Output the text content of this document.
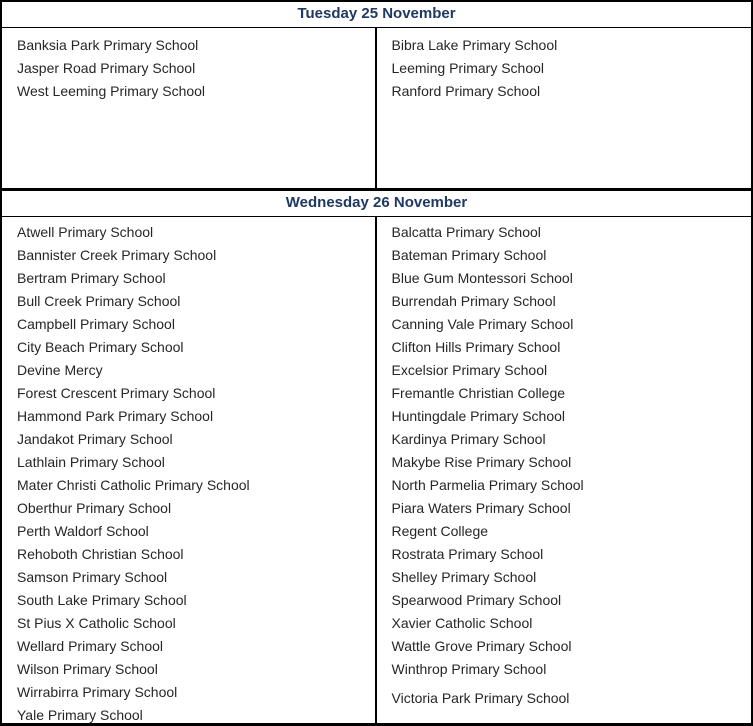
Tuesday 25 November
Banksia Park Primary School
Jasper Road Primary School
West Leeming Primary School
Bibra Lake Primary School
Leeming Primary School
Ranford Primary School
Wednesday 26 November
Atwell Primary School
Bannister Creek Primary School
Bertram Primary School
Bull Creek Primary School
Campbell Primary School
City Beach Primary School
Devine Mercy
Forest Crescent Primary School
Hammond Park Primary School
Jandakot Primary School
Lathlain Primary School
Mater Christi Catholic Primary School
Oberthur Primary School
Perth Waldorf School
Rehoboth Christian School
Samson Primary School
South Lake Primary School
St Pius X Catholic School
Wellard Primary School
Wilson Primary School
Wirrabirra Primary School
Yale Primary School
Balcatta Primary School
Bateman Primary School
Blue Gum Montessori School
Burrendah Primary School
Canning Vale Primary School
Clifton Hills Primary School
Excelsior Primary School
Fremantle Christian College
Huntingdale Primary School
Kardinya Primary School
Makybe Rise Primary School
North Parmelia Primary School
Piara Waters Primary School
Regent College
Rostrata Primary School
Shelley Primary School
Spearwood Primary School
Xavier Catholic School
Wattle Grove Primary School
Winthrop Primary School
Victoria Park Primary School
